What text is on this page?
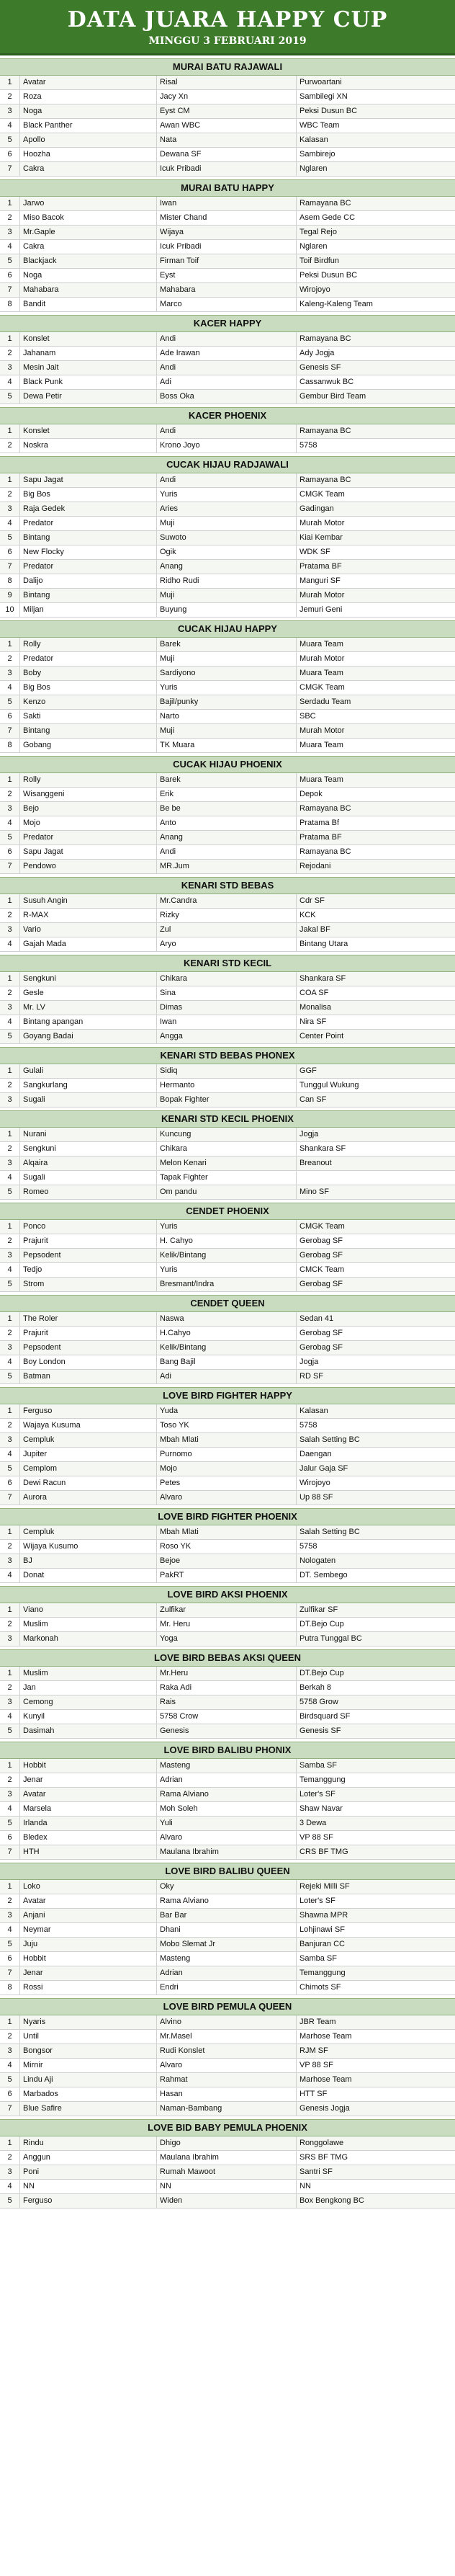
DATA JUARA HAPPY CUP
MINGGU 3 FEBRUARI 2019
MURAI BATU RAJAWALI
1	Avatar	Risal	Purwoartani
2	Roza	Jacy Xn	Sambilegi XN
3	Noga	Eyst CM	Peksi Dusun BC
4	Black Panther	Awan WBC	WBC Team
5	Apollo	Nata	Kalasan
6	Hoozha	Dewana SF	Sambirejo
7	Cakra	Icuk Pribadi	Nglaren
MURAI BATU HAPPY
1	Jarwo	Iwan	Ramayana BC
2	Miso Bacok	Mister Chand	Asem Gede CC
3	Mr.Gaple	Wijaya	Tegal Rejo
4	Cakra	Icuk Pribadi	Nglaren
5	Blackjack	Firman Toif	Toif Birdfun
6	Noga	Eyst	Peksi Dusun BC
7	Mahabara	Mahabara	Wirojoyo
8	Bandit	Marco	Kaleng-Kaleng Team
KACER HAPPY
1	Konslet	Andi	Ramayana BC
2	Jahanam	Ade Irawan	Ady Jogja
3	Mesin Jait	Andi	Genesis SF
4	Black Punk	Adi	Cassanwuk BC
5	Dewa Petir	Boss Oka	Gembur Bird Team
KACER PHOENIX
1	Konslet	Andi	Ramayana BC
2	Noskra	Krono Joyo	5758
CUCAK HIJAU RADJAWALI
1	Sapu Jagat	Andi	Ramayana BC
2	Big Bos	Yuris	CMGK Team
3	Raja Gedek	Aries	Gadingan
4	Predator	Muji	Murah Motor
5	Bintang	Suwoto	Kiai Kembar
6	New Flocky	Ogik	WDK SF
7	Predator	Anang	Pratama BF
8	Dalijo	Ridho Rudi	Manguri SF
9	Bintang	Muji	Murah Motor
10	Miljan	Buyung	Jemuri Geni
CUCAK HIJAU HAPPY
1	Rolly	Barek	Muara Team
2	Predator	Muji	Murah Motor
3	Boby	Sardiyono	Muara Team
4	Big Bos	Yuris	CMGK Team
5	Kenzo	Bajil/punky	Serdadu Team
6	Sakti	Narto	SBC
7	Bintang	Muji	Murah Motor
8	Gobang	TK Muara	Muara Team
CUCAK HIJAU PHOENIX
1	Rolly	Barek	Muara Team
2	Wisanggeni	Erik	Depok
3	Bejo	Be be	Ramayana BC
4	Mojo	Anto	Pratama Bf
5	Predator	Anang	Pratama BF
6	Sapu Jagat	Andi	Ramayana BC
7	Pendowo	MR.Jum	Rejodani
KENARI STD BEBAS
1	Susuh Angin	Mr.Candra	Cdr SF
2	R-MAX	Rizky	KCK
3	Vario	Zul	Jakal BF
4	Gajah Mada	Aryo	Bintang Utara
KENARI STD KECIL
1	Sengkuni	Chikara	Shankara SF
2	Gesle	Sina	COA SF
3	Mr. LV	Dimas	Monalisa
4	Bintang apangan	Iwan	Nira SF
5	Goyang Badai	Angga	Center Point
KENARI STD BEBAS PHONEX
1	Gulali	Sidiq	GGF
2	Sangkurlang	Hermanto	Tunggul Wukung
3	Sugali	Bopak Fighter	Can SF
KENARI STD KECIL PHOENIX
1	Nurani	Kuncung	Jogja
2	Sengkuni	Chikara	Shankara SF
3	Alqaira	Melon Kenari	Breanout
4	Sugali	Tapak Fighter
5	Romeo	Om pandu	Mino SF
CENDET PHOENIX
1	Ponco	Yuris	CMGK Team
2	Prajurit	H. Cahyo	Gerobag SF
3	Pepsodent	Kelik/Bintang	Gerobag SF
4	Tedjo	Yuris	CMCK Team
5	Strom	Bresmant/Indra	Gerobag SF
CENDET QUEEN
1	The Roler	Naswa	Sedan 41
2	Prajurit	H.Cahyo	Gerobag SF
3	Pepsodent	Kelik/Bintang	Gerobag SF
4	Boy London	Bang Bajil	Jogja
5	Batman	Adi	RD SF
LOVE BIRD FIGHTER HAPPY
1	Ferguso	Yuda	Kalasan
2	Wajaya Kusuma	Toso YK	5758
3	Cempluk	Mbah Mlati	Salah Setting BC
4	Jupiter	Purnomo	Daengan
5	Cemplom	Mojo	Jalur Gaja SF
6	Dewi Racun	Petes	Wirojoyo
7	Aurora	Alvaro	Up 88 SF
LOVE BIRD FIGHTER PHOENIX
1	Cempluk	Mbah Mlati	Salah Setting BC
2	Wijaya Kusumo	Roso YK	5758
3	BJ	Bejoe	Nologaten
4	Donat	PakRT	DT. Sembego
LOVE BIRD AKSI PHOENIX
1	Viano	Zulfikar	Zulfikar SF
2	Muslim	Mr. Heru	DT.Bejo Cup
3	Markonah	Yoga	Putra Tunggal BC
LOVE BIRD BEBAS AKSI QUEEN
1	Muslim	Mr.Heru	DT.Bejo Cup
2	Jan	Raka Adi	Berkah 8
3	Cemong	Rais	5758 Grow
4	Kunyil	5758 Crow	Birdsquard SF
5	Dasimah	Genesis	Genesis SF
LOVE BIRD BALIBU PHONIX
1	Hobbit	Masteng	Samba SF
2	Jenar	Adrian	Temanggung
3	Avatar	Rama Alviano	Loter's SF
4	Marsela	Moh Soleh	Shaw Navar
5	Irlanda	Yuli	3 Dewa
6	Bledex	Alvaro	VP 88 SF
7	HTH	Maulana Ibrahim	CRS BF TMG
LOVE BIRD BALIBU QUEEN
1	Loko	Oky	Rejeki Milli SF
2	Avatar	Rama Alviano	Loter's SF
3	Anjani	Bar Bar	Shawna MPR
4	Neymar	Dhani	Lohjinawi SF
5	Juju	Mobo Slemat Jr	Banjuran CC
6	Hobbit	Masteng	Samba SF
7	Jenar	Adrian	Temanggung
8	Rossi	Endri	Chimots SF
LOVE BIRD PEMULA QUEEN
1	Nyaris	Alvino	JBR Team
2	Until	Mr.Masel	Marhose Team
3	Bongsor	Rudi Konslet	RJM SF
4	Mirnir	Alvaro	VP 88 SF
5	Lindu Aji	Rahmat	Marhose Team
6	Marbados	Hasan	HTT SF
7	Blue Safire	Naman-Bambang	Genesis Jogja
LOVE BID BABY PEMULA PHOENIX
1	Rindu	Dhigo	Ronggolawe
2	Anggun	Maulana Ibrahim	SRS BF TMG
3	Poni	Rumah Mawoot	Santri SF
4	NN	NN	NN
5	Ferguso	Widen	Box Bengkong BC
